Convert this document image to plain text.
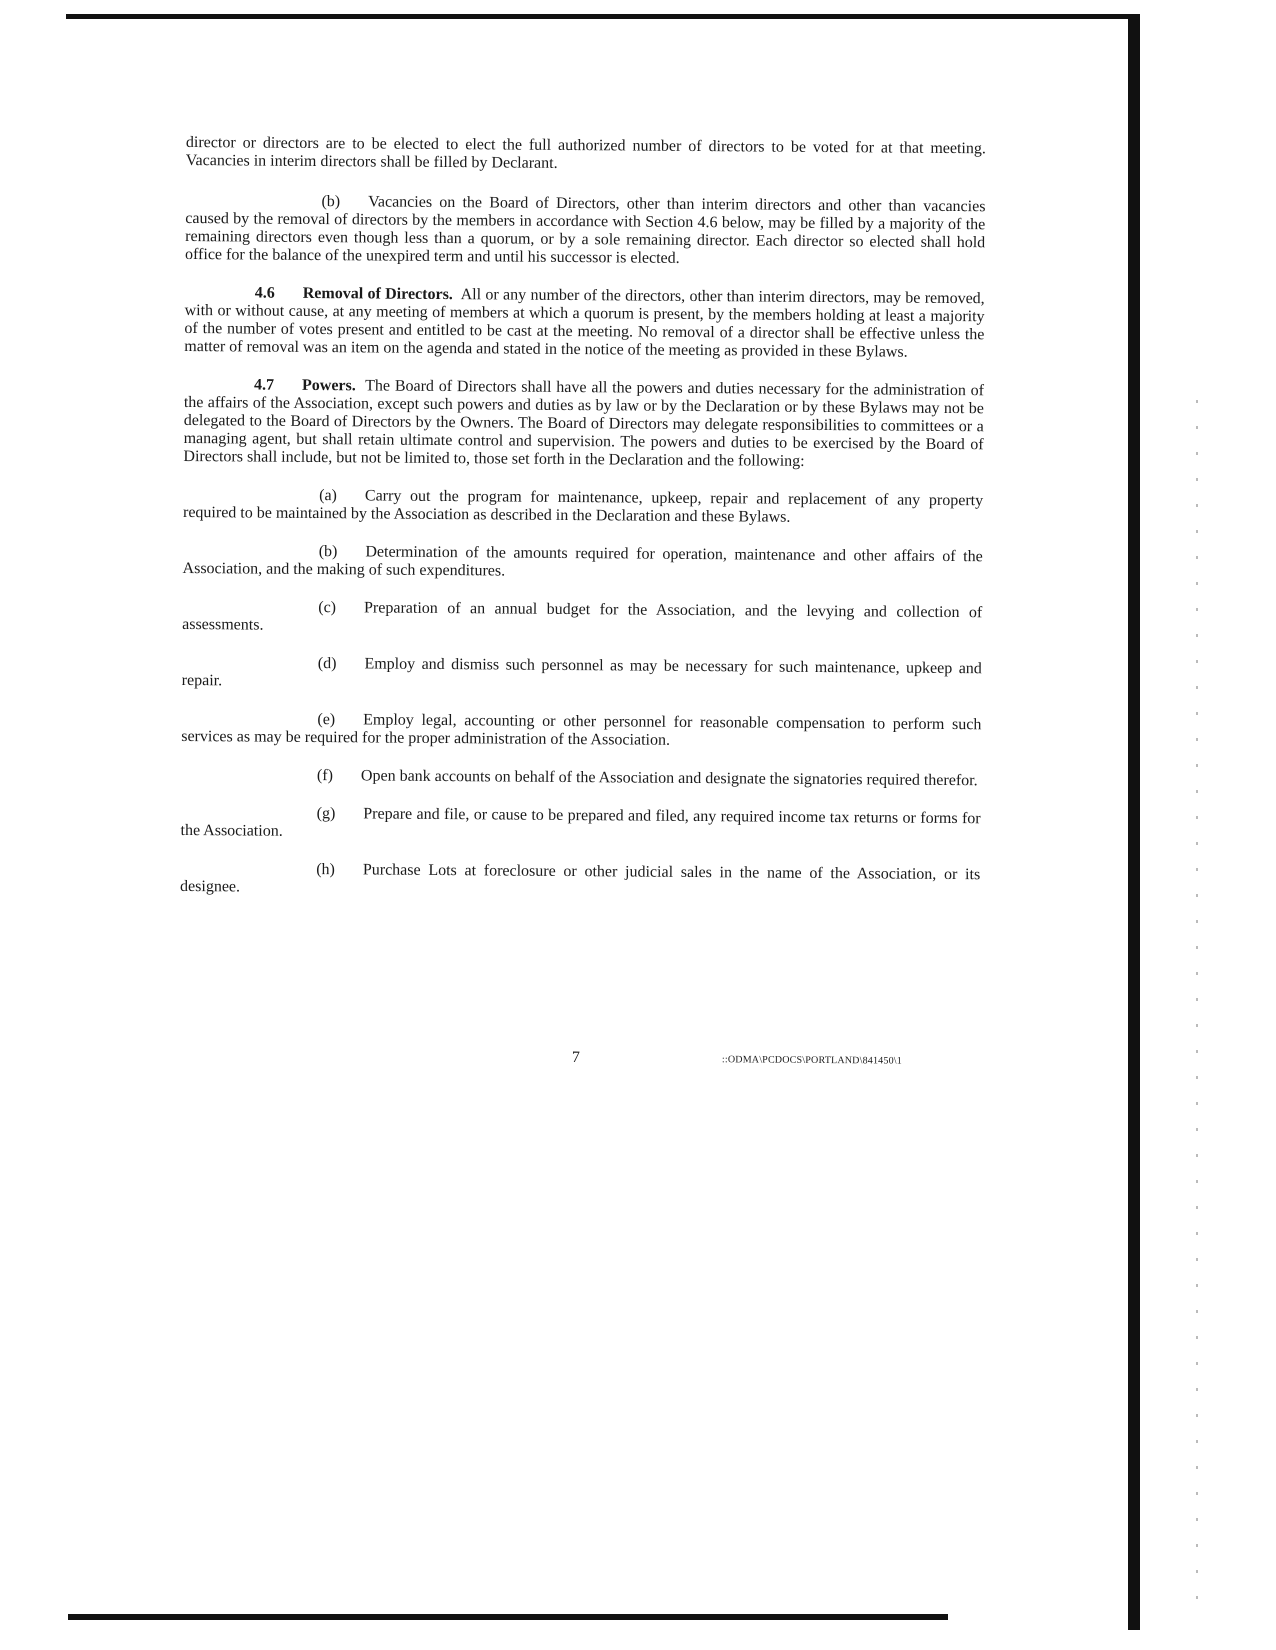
director or directors are to be elected to elect the full authorized number of directors to be voted for at that meeting. Vacancies in interim directors shall be filled by Declarant.

(b) Vacancies on the Board of Directors, other than interim directors and other than vacancies caused by the removal of directors by the members in accordance with Section 4.6 below, may be filled by a majority of the remaining directors even though less than a quorum, or by a sole remaining director. Each director so elected shall hold office for the balance of the unexpired term and until his successor is elected.

4.6 Removal of Directors. All or any number of the directors, other than interim directors, may be removed, with or without cause, at any meeting of members at which a quorum is present, by the members holding at least a majority of the number of votes present and entitled to be cast at the meeting. No removal of a director shall be effective unless the matter of removal was an item on the agenda and stated in the notice of the meeting as provided in these Bylaws.

4.7 Powers. The Board of Directors shall have all the powers and duties necessary for the administration of the affairs of the Association, except such powers and duties as by law or by the Declaration or by these Bylaws may not be delegated to the Board of Directors by the Owners. The Board of Directors may delegate responsibilities to committees or a managing agent, but shall retain ultimate control and supervision. The powers and duties to be exercised by the Board of Directors shall include, but not be limited to, those set forth in the Declaration and the following:

(a) Carry out the program for maintenance, upkeep, repair and replacement of any property required to be maintained by the Association as described in the Declaration and these Bylaws.

(b) Determination of the amounts required for operation, maintenance and other affairs of the Association, and the making of such expenditures.

(c) Preparation of an annual budget for the Association, and the levying and collection of assessments.

(d) Employ and dismiss such personnel as may be necessary for such maintenance, upkeep and repair.

(e) Employ legal, accounting or other personnel for reasonable compensation to perform such services as may be required for the proper administration of the Association.

(f) Open bank accounts on behalf of the Association and designate the signatories required therefor.

(g) Prepare and file, or cause to be prepared and filed, any required income tax returns or forms for the Association.

(h) Purchase Lots at foreclosure or other judicial sales in the name of the Association, or its designee.

7	::ODMA\PCDOCS\PORTLAND\841450\1
